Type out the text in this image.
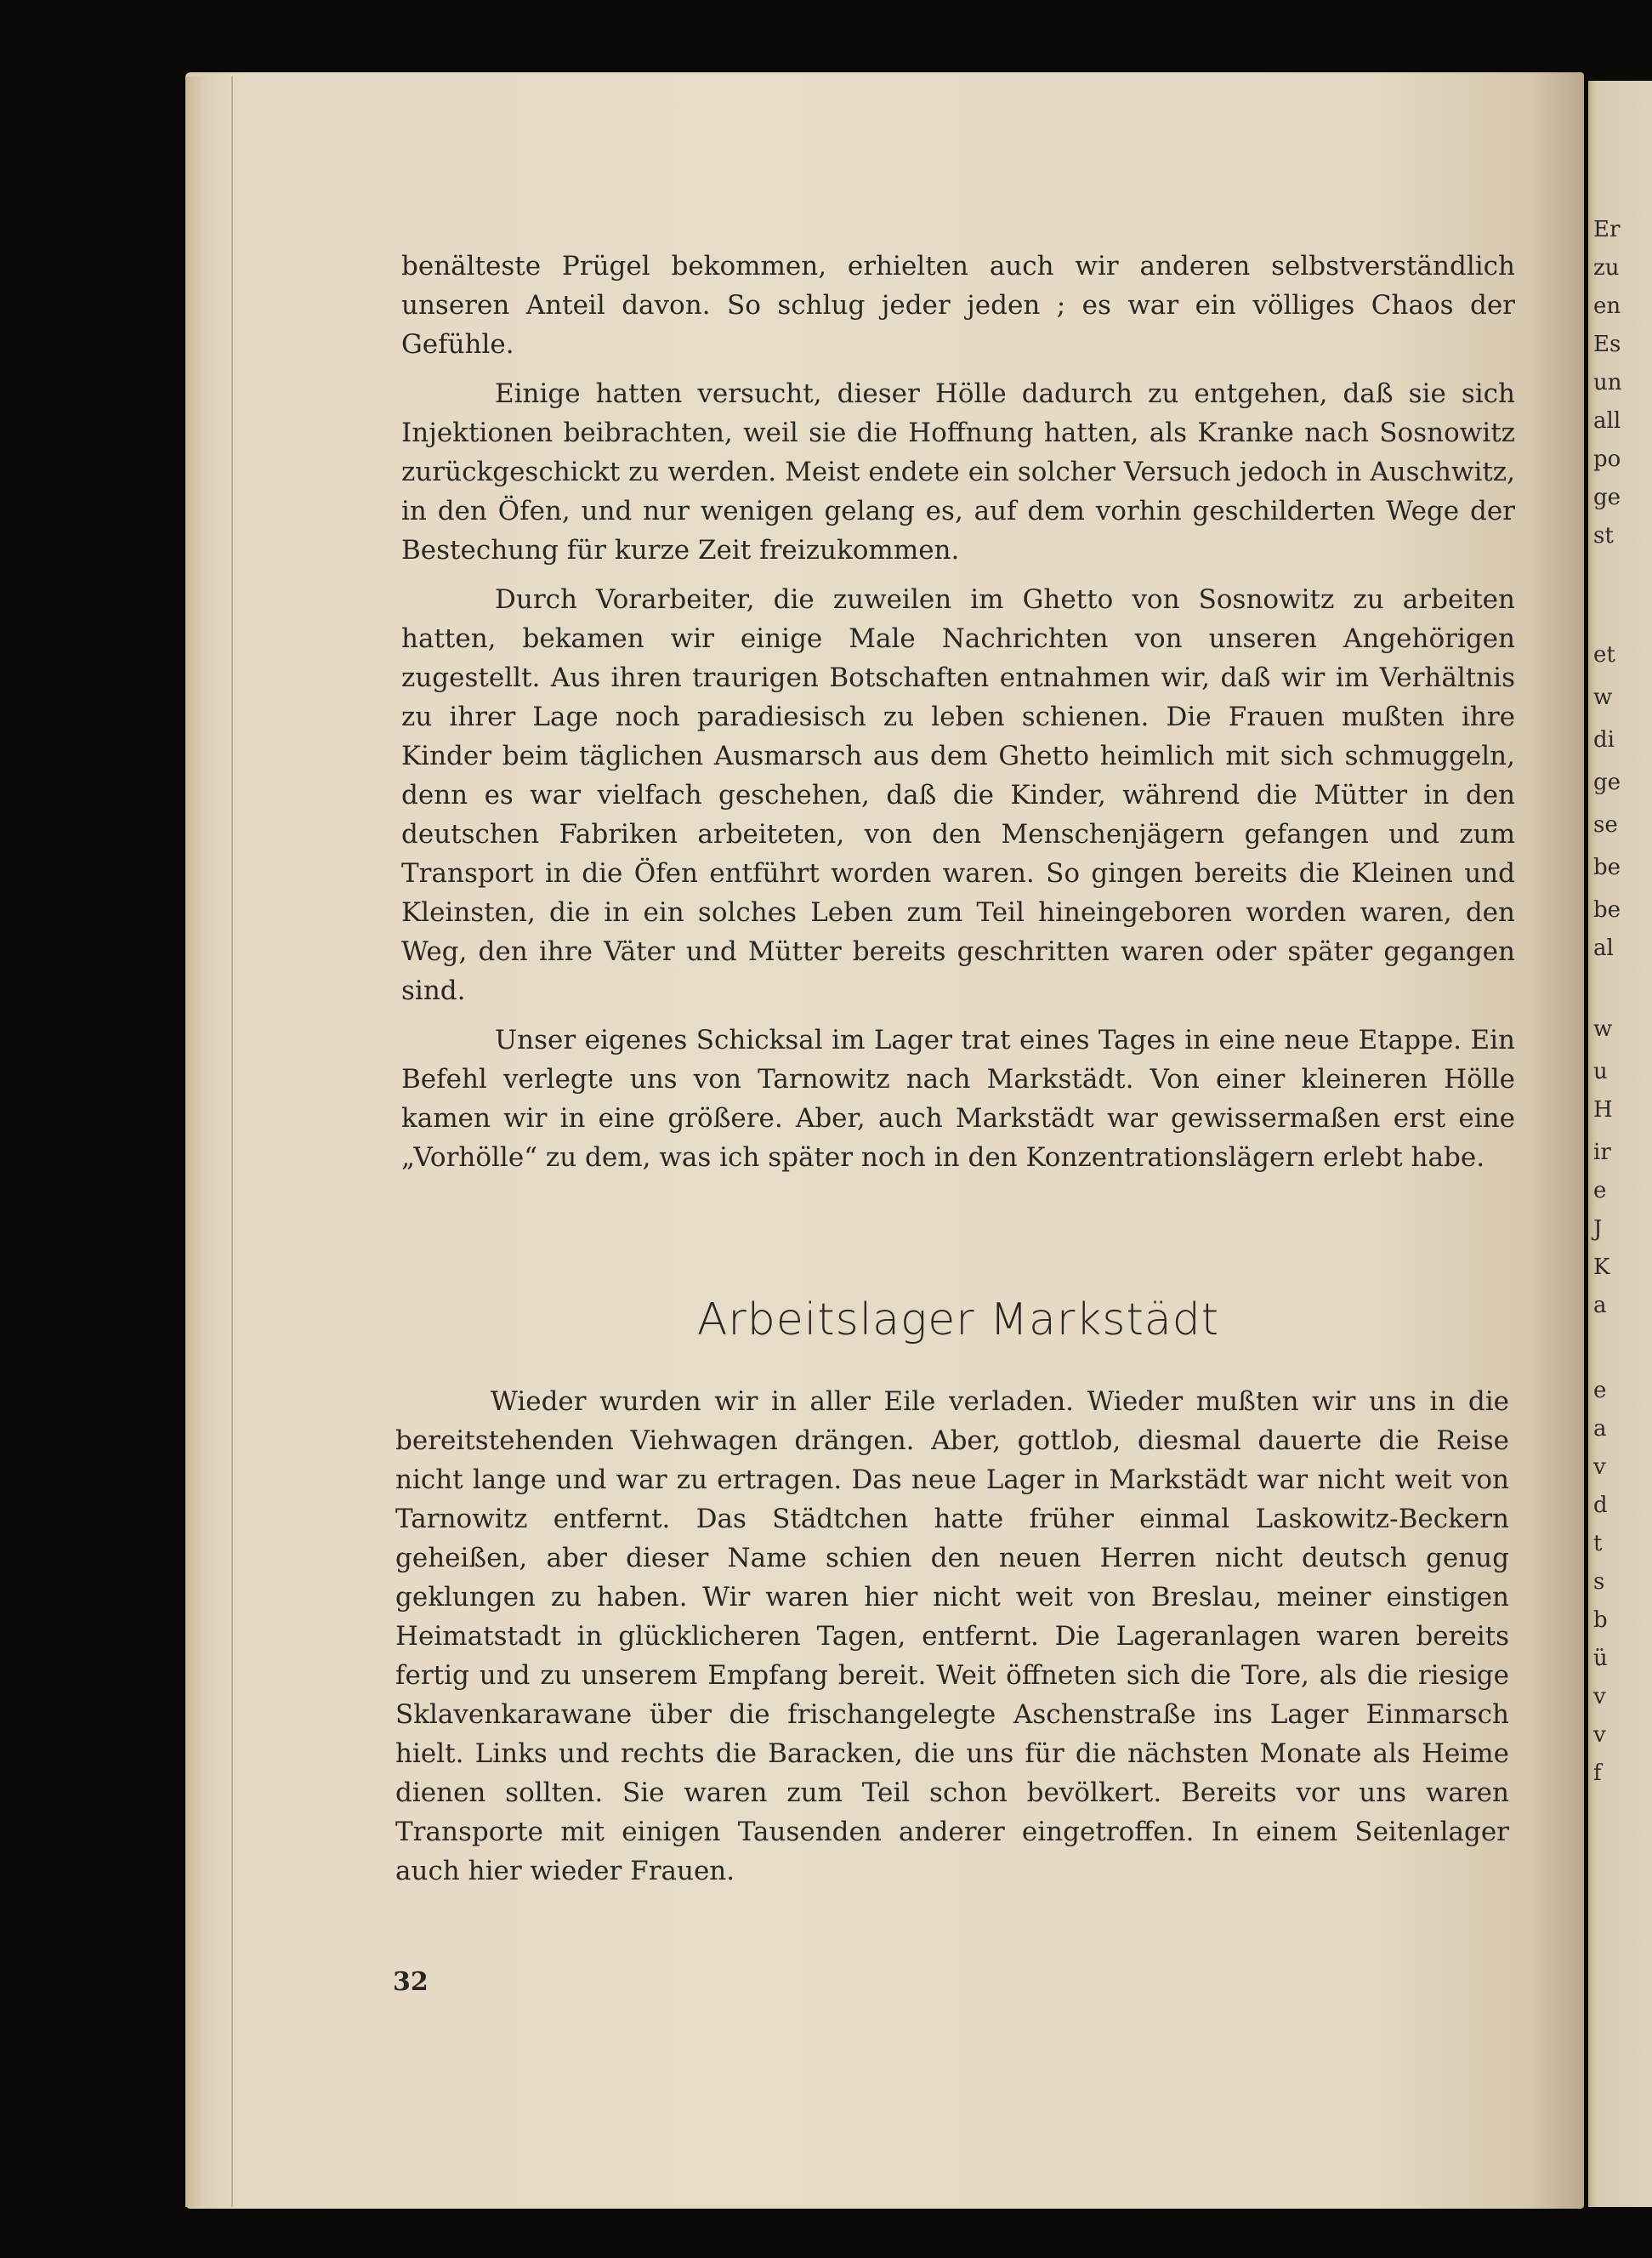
Er
zu
en
Es
un
all
po
ge
st
et
w
di
ge
se
be
be
al
w
u
H
ir
e
J
K
a
e
a
v
d
t
s
b
ü
v
v
f

benälteste Prügel bekommen, erhielten auch wir anderen selbstverständlich unseren Anteil davon. So schlug jeder jeden ; es war ein völliges Chaos der Gefühle.

Einige hatten versucht, dieser Hölle dadurch zu entgehen, daß sie sich Injektionen beibrachten, weil sie die Hoffnung hatten, als Kranke nach Sosnowitz zurückgeschickt zu werden. Meist endete ein solcher Versuch jedoch in Auschwitz, in den Öfen, und nur wenigen gelang es, auf dem vorhin geschilderten Wege der Bestechung für kurze Zeit freizukommen.

Durch Vorarbeiter, die zuweilen im Ghetto von Sosnowitz zu arbeiten hatten, bekamen wir einige Male Nachrichten von unseren Angehörigen zugestellt. Aus ihren traurigen Botschaften entnahmen wir, daß wir im Verhältnis zu ihrer Lage noch paradiesisch zu leben schienen. Die Frauen mußten ihre Kinder beim täglichen Ausmarsch aus dem Ghetto heimlich mit sich schmuggeln, denn es war vielfach geschehen, daß die Kinder, während die Mütter in den deutschen Fabriken arbeiteten, von den Menschenjägern gefangen und zum Transport in die Öfen entführt worden waren. So gingen bereits die Kleinen und Kleinsten, die in ein solches Leben zum Teil hineingeboren worden waren, den Weg, den ihre Väter und Mütter bereits geschritten waren oder später gegangen sind.

Unser eigenes Schicksal im Lager trat eines Tages in eine neue Etappe. Ein Befehl verlegte uns von Tarnowitz nach Markstädt. Von einer kleineren Hölle kamen wir in eine größere. Aber, auch Markstädt war gewissermaßen erst eine „Vorhölle“ zu dem, was ich später noch in den Konzentrationslägern erlebt habe.

Arbeitslager Markstädt

Wieder wurden wir in aller Eile verladen. Wieder mußten wir uns in die bereitstehenden Viehwagen drängen. Aber, gottlob, diesmal dauerte die Reise nicht lange und war zu ertragen. Das neue Lager in Markstädt war nicht weit von Tarnowitz entfernt. Das Städtchen hatte früher einmal Laskowitz-Beckern geheißen, aber dieser Name schien den neuen Herren nicht deutsch genug geklungen zu haben. Wir waren hier nicht weit von Breslau, meiner einstigen Heimatstadt in glücklicheren Tagen, entfernt. Die Lageranlagen waren bereits fertig und zu unserem Empfang bereit. Weit öffneten sich die Tore, als die riesige Sklavenkarawane über die frischangelegte Aschenstraße ins Lager Einmarsch hielt. Links und rechts die Baracken, die uns für die nächsten Monate als Heime dienen sollten. Sie waren zum Teil schon bevölkert. Bereits vor uns waren Transporte mit einigen Tausenden anderer eingetroffen. In einem Seitenlager auch hier wieder Frauen.

32
